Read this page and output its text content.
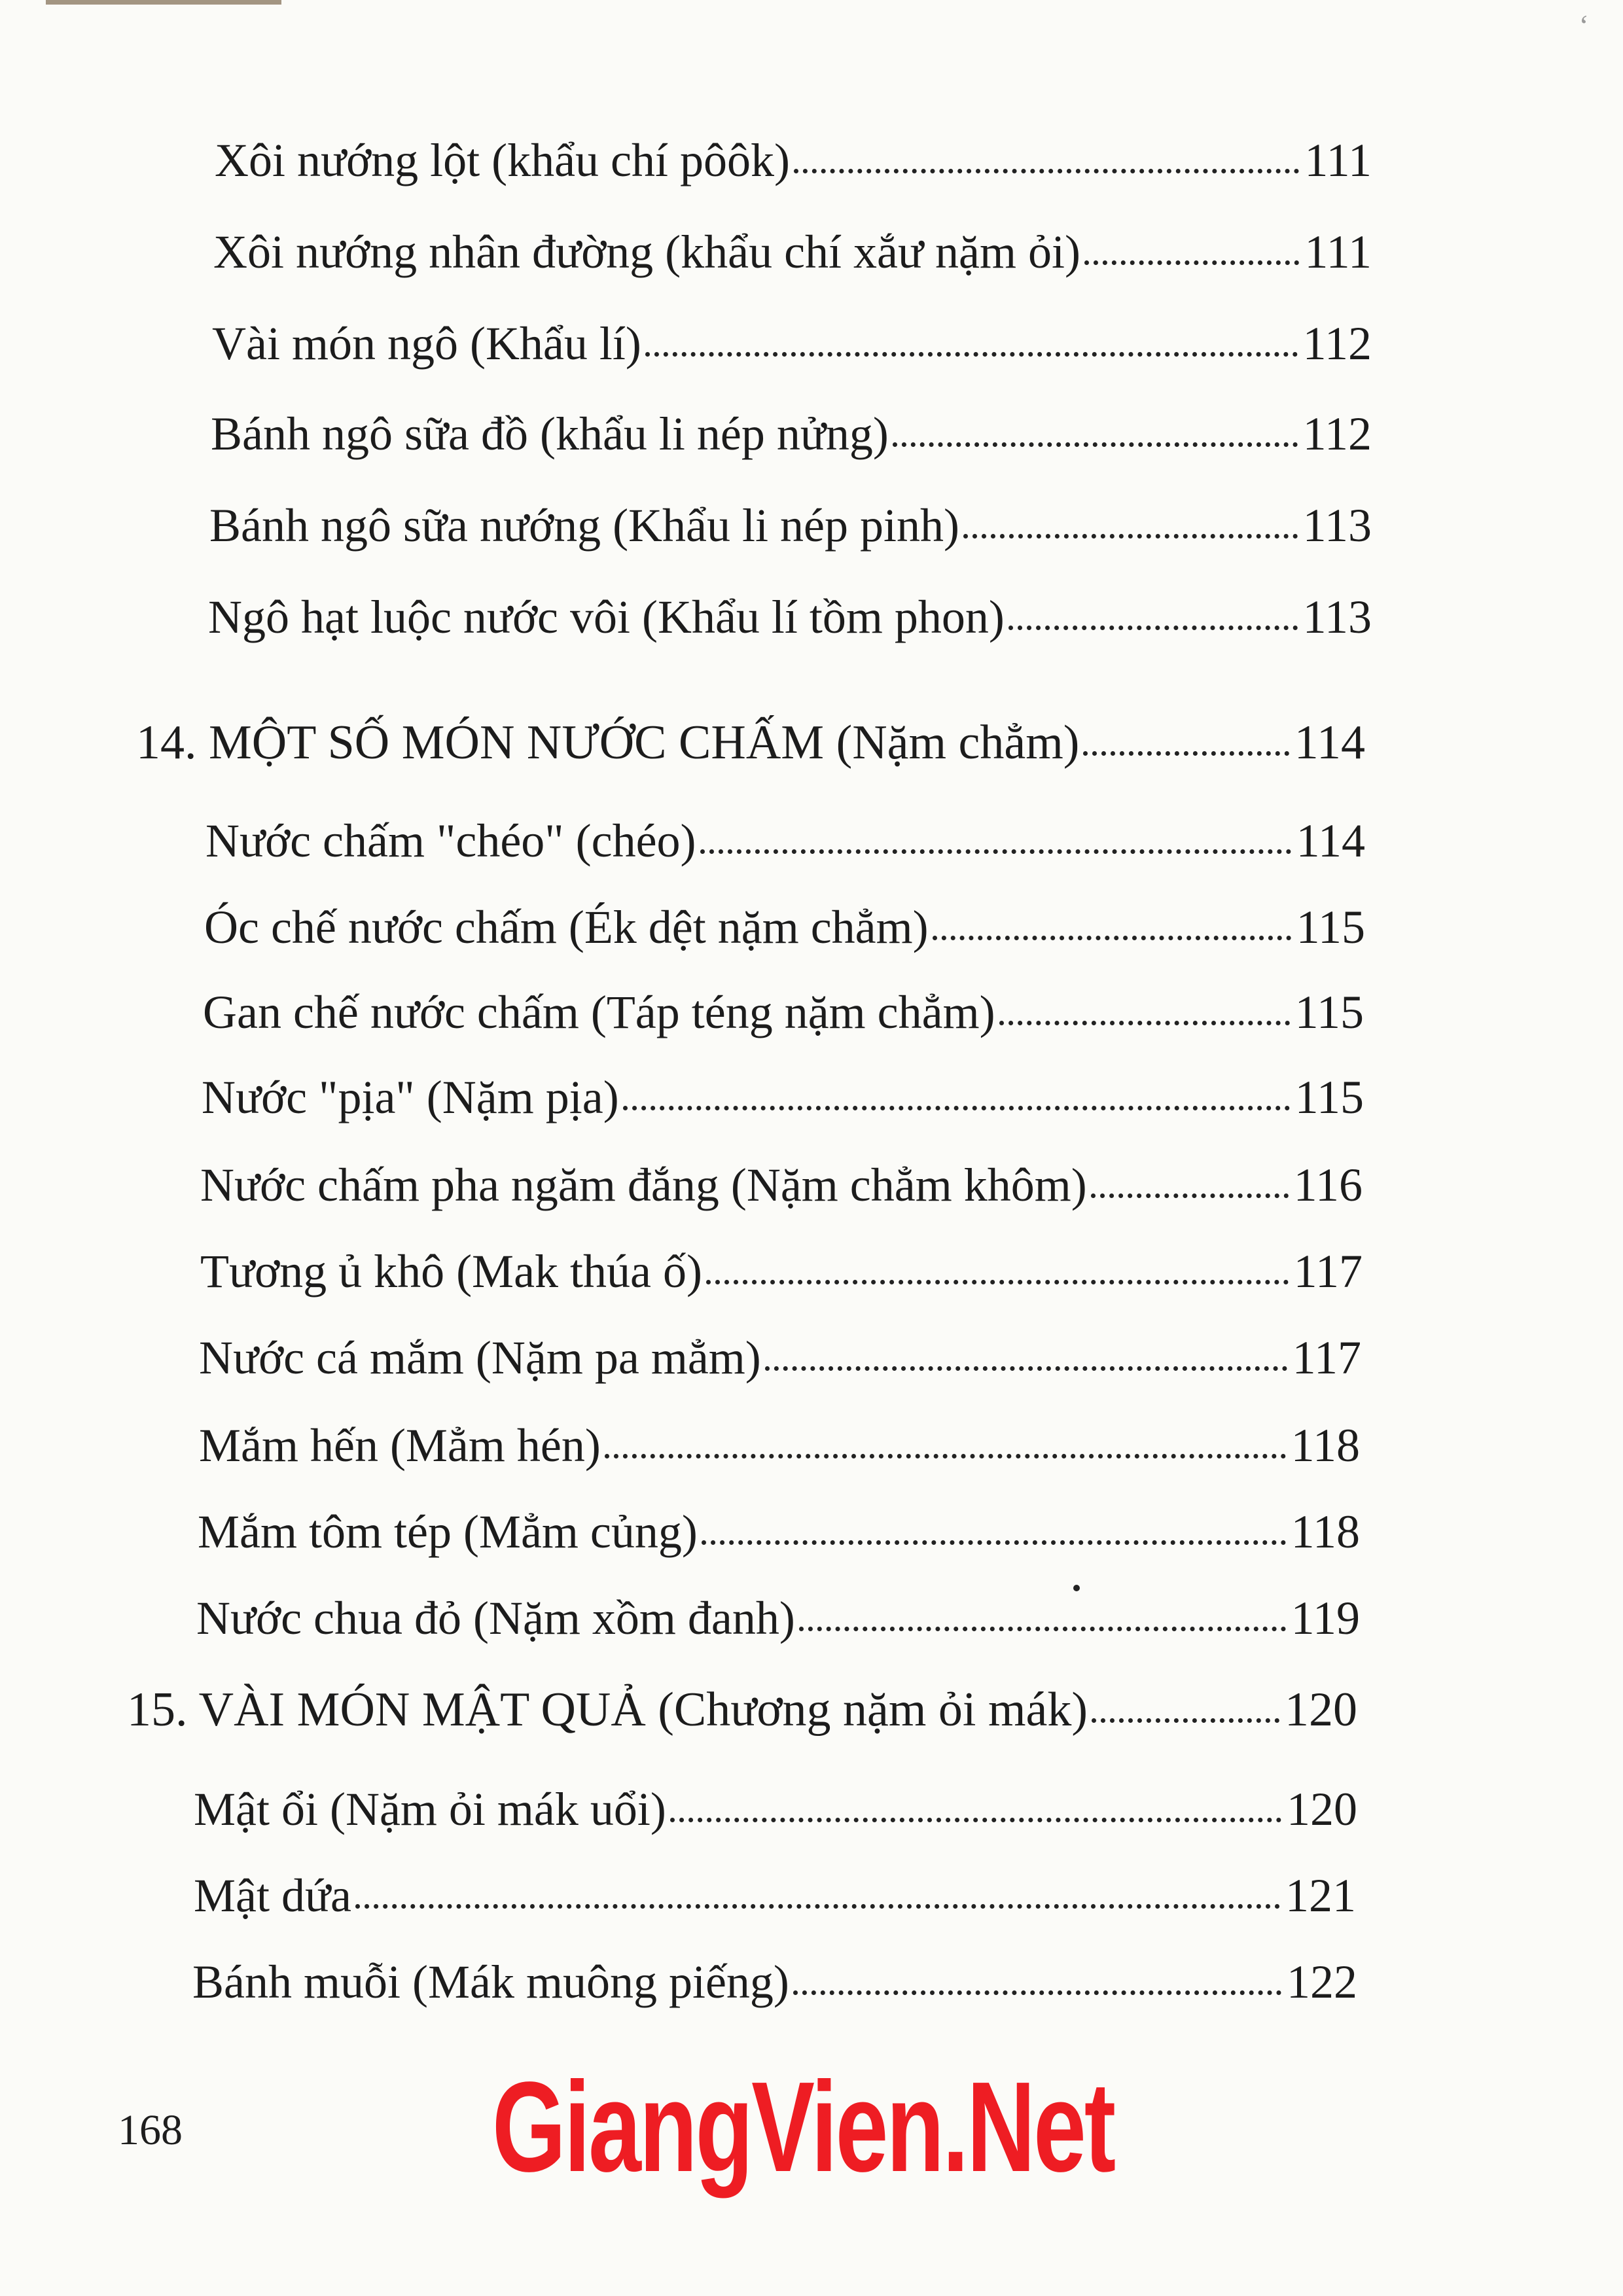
‘
Xôi nướng lột (khẩu chí pôôk)	111
Xôi nướng nhân đường (khẩu chí xắư nặm ỏi)	111
Vài món ngô (Khẩu lí)	112
Bánh ngô sữa đồ (khẩu li nép nửng)	112
Bánh ngô sữa nướng (Khẩu li nép pinh)	113
Ngô hạt luộc nước vôi (Khẩu lí tồm phon)	113
14. MỘT SỐ MÓN NƯỚC CHẤM (Nặm chẳm)	114
Nước chấm "chéo" (chéo)	114
Óc chế nước chấm (Ék dệt nặm chẳm)	115
Gan chế nước chấm (Táp téng nặm chẳm)	115
Nước "pịa" (Nặm pịa)	115
Nước chấm pha ngăm đắng (Nặm chẳm khôm)	116
Tương ủ khô (Mak thúa ố)	117
Nước cá mắm (Nặm pa mẳm)	117
Mắm hến (Mẳm hén)	118
Mắm tôm tép (Mẳm củng)	118
Nước chua đỏ (Nặm xồm đanh)	119
15. VÀI MÓN MẬT QUẢ (Chương nặm ỏi mák)	120
Mật ổi (Nặm ỏi mák uổi)	120
Mật dứa	121
Bánh muỗi (Mák muông piếng)	122
168 GiangVien.Net
